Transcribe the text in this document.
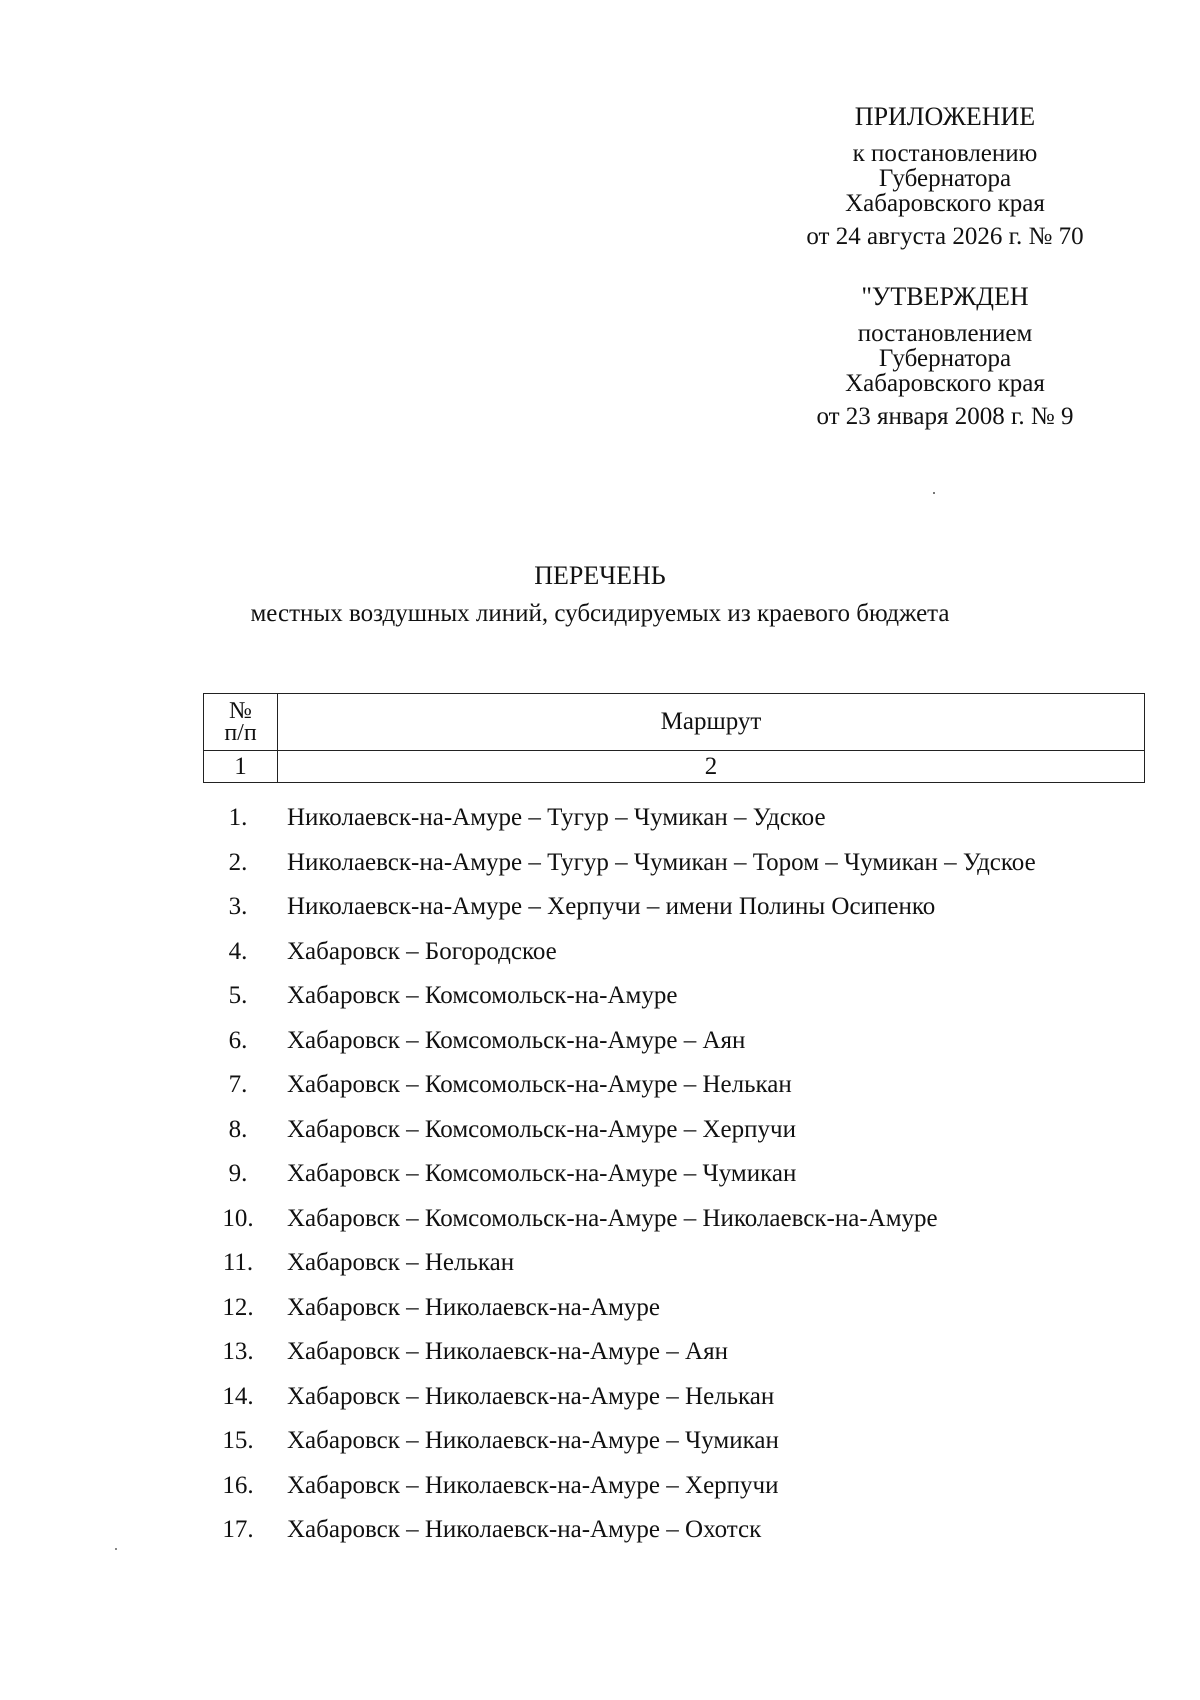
ПРИЛОЖЕНИЕ
к постановлению
Губернатора
Хабаровского края
от 24 августа 2026 г. № 70
"УТВЕРЖДЕН
постановлением
Губернатора
Хабаровского края
от 23 января 2008 г. № 9
ПЕРЕЧЕНЬ
местных воздушных линий, субсидируемых из краевого бюджета
№
п/п	Маршрут
1	2
1.	Николаевск-на-Амуре – Тугур – Чумикан – Удское
2.	Николаевск-на-Амуре – Тугур – Чумикан – Тором – Чумикан – Удское
3.	Николаевск-на-Амуре – Херпучи – имени Полины Осипенко
4.	Хабаровск – Богородское
5.	Хабаровск – Комсомольск-на-Амуре
6.	Хабаровск – Комсомольск-на-Амуре – Аян
7.	Хабаровск – Комсомольск-на-Амуре – Нелькан
8.	Хабаровск – Комсомольск-на-Амуре – Херпучи
9.	Хабаровск – Комсомольск-на-Амуре – Чумикан
10.	Хабаровск – Комсомольск-на-Амуре – Николаевск-на-Амуре
11.	Хабаровск – Нелькан
12.	Хабаровск – Николаевск-на-Амуре
13.	Хабаровск – Николаевск-на-Амуре – Аян
14.	Хабаровск – Николаевск-на-Амуре – Нелькан
15.	Хабаровск – Николаевск-на-Амуре – Чумикан
16.	Хабаровск – Николаевск-на-Амуре – Херпучи
17.	Хабаровск – Николаевск-на-Амуре – Охотск
